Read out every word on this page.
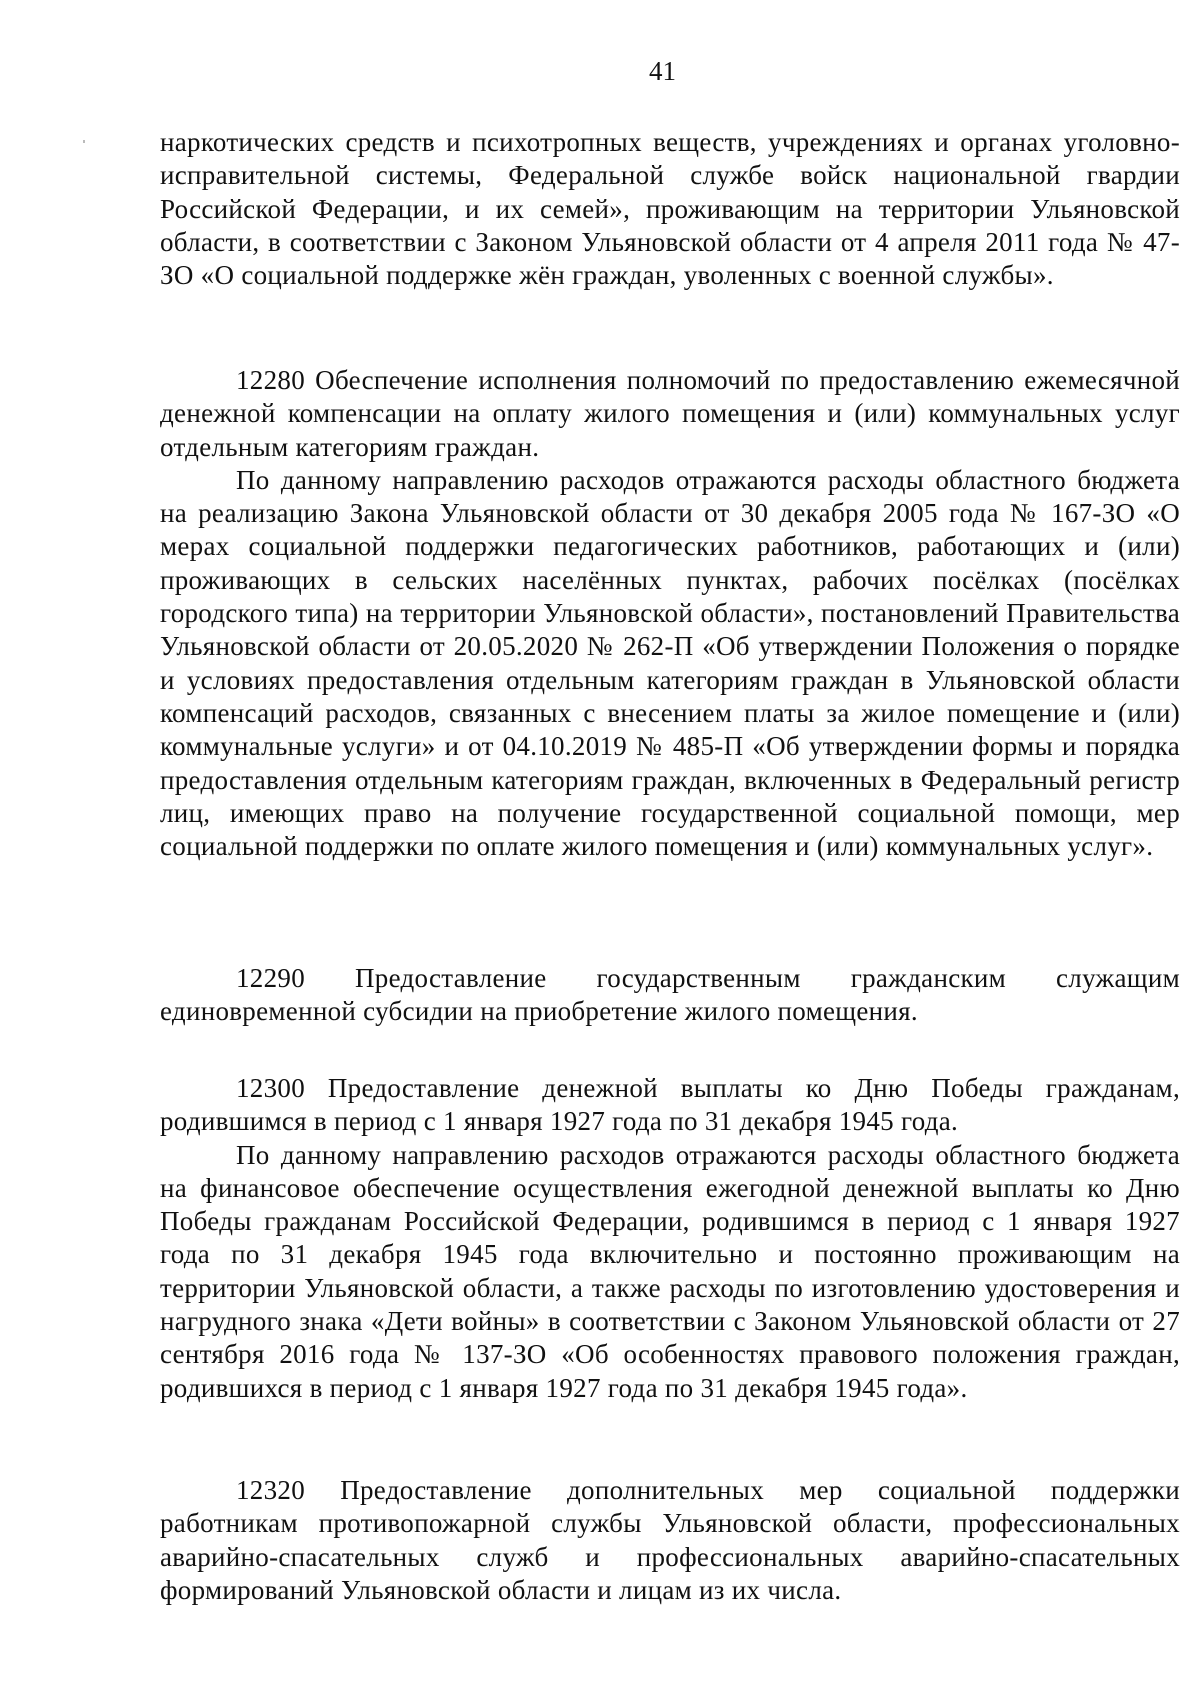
41

наркотических средств и психотропных веществ, учреждениях и органах уголовно-исправительной системы, Федеральной службе войск национальной гвардии Российской Федерации, и их семей», проживающим на территории Ульяновской области, в соответствии с Законом Ульяновской области от 4 апреля 2011 года № 47-ЗО «О социальной поддержке жён граждан, уволенных с военной службы».

12280 Обеспечение исполнения полномочий по предоставлению ежемесячной денежной компенсации на оплату жилого помещения и (или) коммунальных услуг отдельным категориям граждан.

По данному направлению расходов отражаются расходы областного бюджета на реализацию Закона Ульяновской области от 30 декабря 2005 года № 167-ЗО «О мерах социальной поддержки педагогических работников, работающих и (или) проживающих в сельских населённых пунктах, рабочих посёлках (посёлках городского типа) на территории Ульяновской области», постановлений Правительства Ульяновской области от 20.05.2020 № 262-П «Об утверждении Положения о порядке и условиях предоставления отдельным категориям граждан в Ульяновской области компенсаций расходов, связанных с внесением платы за жилое помещение и (или) коммунальные услуги» и от 04.10.2019 № 485-П «Об утверждении формы и порядка предоставления отдельным категориям граждан, включенных в Федеральный регистр лиц, имеющих право на получение государственной социальной помощи, мер социальной поддержки по оплате жилого помещения и (или) коммунальных услуг».

12290 Предоставление государственным гражданским служащим единовременной субсидии на приобретение жилого помещения.

12300 Предоставление денежной выплаты ко Дню Победы гражданам, родившимся в период с 1 января 1927 года по 31 декабря 1945 года.

По данному направлению расходов отражаются расходы областного бюджета на финансовое обеспечение осуществления ежегодной денежной выплаты ко Дню Победы гражданам Российской Федерации, родившимся в период с 1 января 1927 года по 31 декабря 1945 года включительно и постоянно проживающим на территории Ульяновской области, а также расходы по изготовлению удостоверения и нагрудного знака «Дети войны» в соответствии с Законом Ульяновской области от 27 сентября 2016 года № 137-ЗО «Об особенностях правового положения граждан, родившихся в период с 1 января 1927 года по 31 декабря 1945 года».

12320 Предоставление дополнительных мер социальной поддержки работникам противопожарной службы Ульяновской области, профессиональных аварийно-спасательных служб и профессиональных аварийно-спасательных формирований Ульяновской области и лицам из их числа.
